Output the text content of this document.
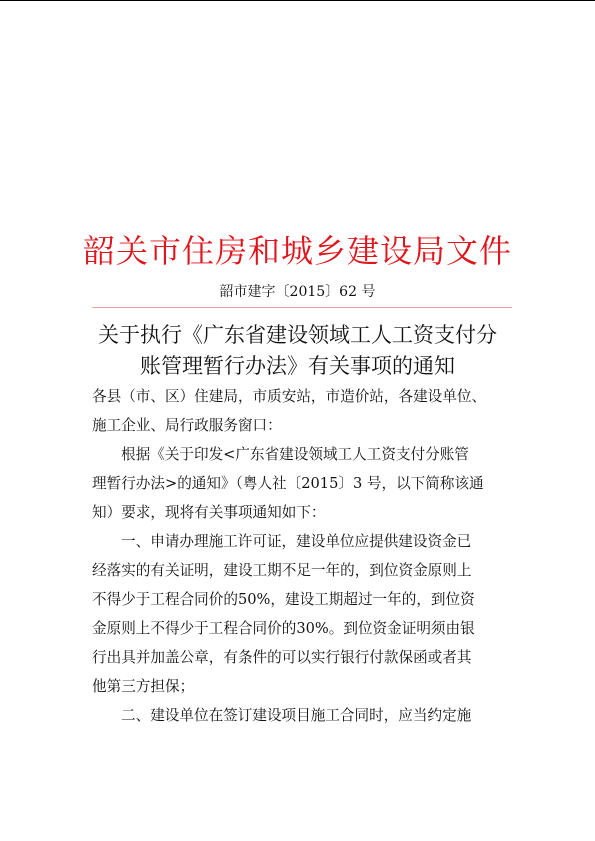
韶关市住房和城乡建设局文件
韶市建字〔2015〕62 号
关于执行《广东省建设领域工人工资支付分
账管理暂行办法》有关事项的通知
各县（市、区）住建局，市质安站，市造价站，各建设单位、
施工企业、局行政服务窗口：
根据《关于印发<广东省建设领域工人工资支付分账管
理暂行办法>的通知》（粤人社〔2015〕3 号，以下简称该通
知）要求，现将有关事项通知如下：
一、申请办理施工许可证，建设单位应提供建设资金已
经落实的有关证明，建设工期不足一年的，到位资金原则上
不得少于工程合同价的50%，建设工期超过一年的，到位资
金原则上不得少于工程合同价的30%。到位资金证明须由银
行出具并加盖公章，有条件的可以实行银行付款保函或者其
他第三方担保；
二、建设单位在签订建设项目施工合同时，应当约定施
